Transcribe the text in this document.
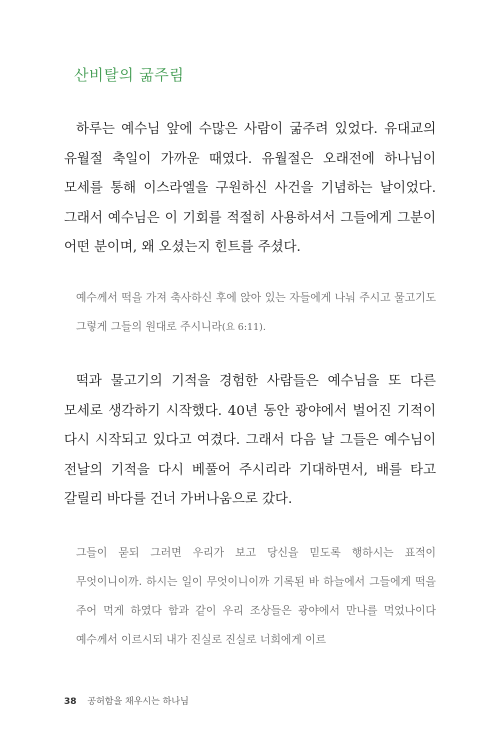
산비탈의 굶주림

하루는 예수님 앞에 수많은 사람이 굶주려 있었다. 유대교의 유월절 축일이 가까운 때였다. 유월절은 오래전에 하나님이 모세를 통해 이스라엘을 구원하신 사건을 기념하는 날이었다. 그래서 예수님은 이 기회를 적절히 사용하셔서 그들에게 그분이 어떤 분이며, 왜 오셨는지 힌트를 주셨다.

예수께서 떡을 가져 축사하신 후에 앉아 있는 자들에게 나눠 주시고 물고기도 그렇게 그들의 원대로 주시니라(요 6:11).

떡과 물고기의 기적을 경험한 사람들은 예수님을 또 다른 모세로 생각하기 시작했다. 40년 동안 광야에서 벌어진 기적이 다시 시작되고 있다고 여겼다. 그래서 다음 날 그들은 예수님이 전날의 기적을 다시 베풀어 주시리라 기대하면서, 배를 타고 갈릴리 바다를 건너 가버나움으로 갔다.

그들이 묻되 그러면 우리가 보고 당신을 믿도록 행하시는 표적이 무엇이니이까. 하시는 일이 무엇이니이까 기록된 바 하늘에서 그들에게 떡을 주어 먹게 하였다 함과 같이 우리 조상들은 광야에서 만나를 먹었나이다 예수께서 이르시되 내가 진실로 진실로 너희에게 이르

38 공허함을 채우시는 하나님
